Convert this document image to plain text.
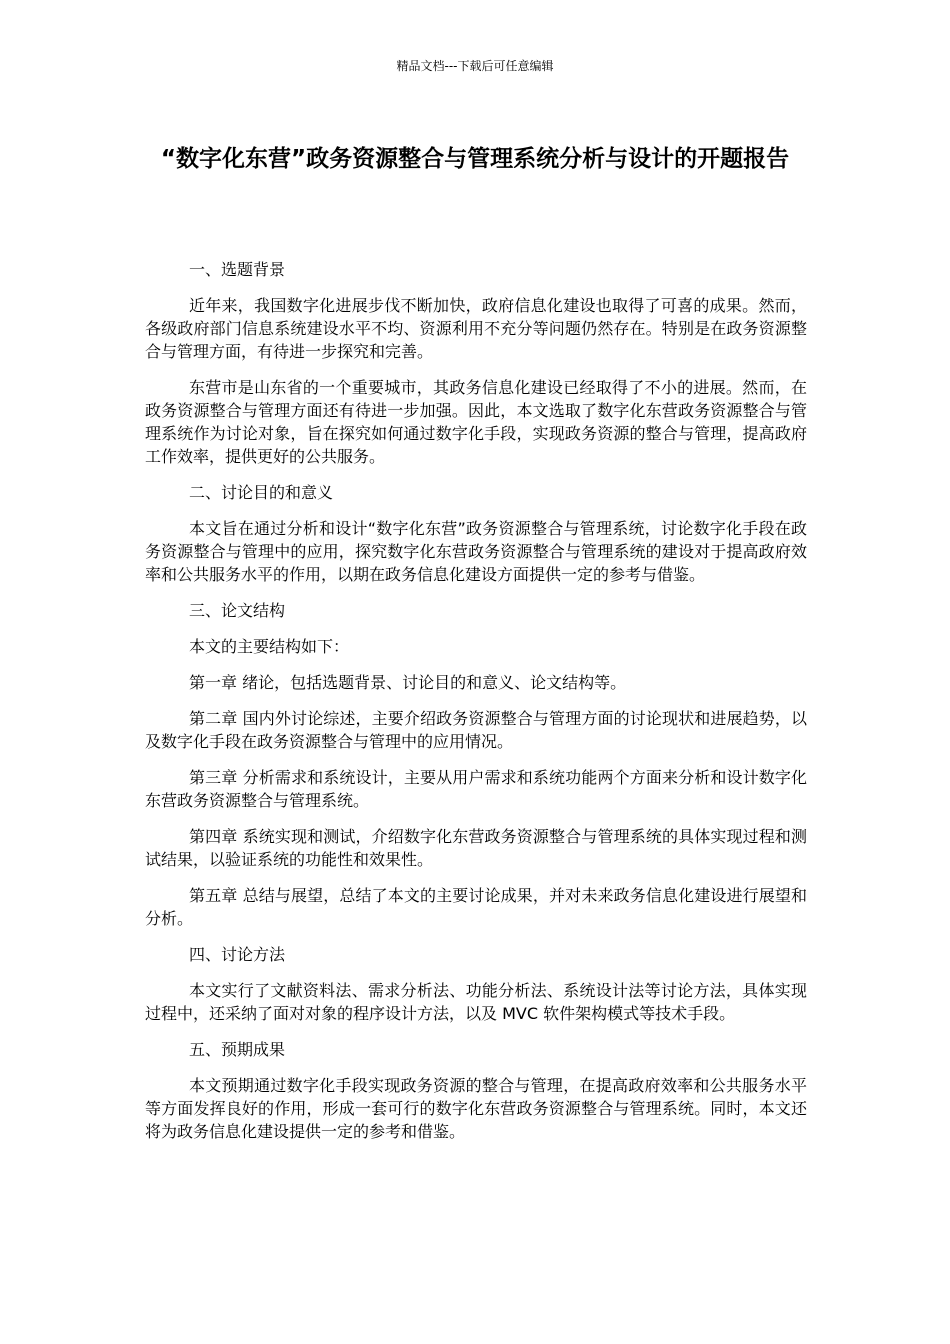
精品文档---下载后可任意编辑
“数字化东营”政务资源整合与管理系统分析与设计的开题报告

一、选题背景

近年来，我国数字化进展步伐不断加快，政府信息化建设也取得了可喜的成果。然而，各级政府部门信息系统建设水平不均、资源利用不充分等问题仍然存在。特别是在政务资源整合与管理方面，有待进一步探究和完善。

东营市是山东省的一个重要城市，其政务信息化建设已经取得了不小的进展。然而，在政务资源整合与管理方面还有待进一步加强。因此，本文选取了数字化东营政务资源整合与管理系统作为讨论对象，旨在探究如何通过数字化手段，实现政务资源的整合与管理，提高政府工作效率，提供更好的公共服务。

二、讨论目的和意义

本文旨在通过分析和设计“数字化东营”政务资源整合与管理系统，讨论数字化手段在政务资源整合与管理中的应用，探究数字化东营政务资源整合与管理系统的建设对于提高政府效率和公共服务水平的作用，以期在政务信息化建设方面提供一定的参考与借鉴。

三、论文结构

本文的主要结构如下：

第一章 绪论，包括选题背景、讨论目的和意义、论文结构等。

第二章 国内外讨论综述，主要介绍政务资源整合与管理方面的讨论现状和进展趋势，以及数字化手段在政务资源整合与管理中的应用情况。

第三章 分析需求和系统设计，主要从用户需求和系统功能两个方面来分析和设计数字化东营政务资源整合与管理系统。

第四章 系统实现和测试，介绍数字化东营政务资源整合与管理系统的具体实现过程和测试结果，以验证系统的功能性和效果性。

第五章 总结与展望，总结了本文的主要讨论成果，并对未来政务信息化建设进行展望和分析。

四、讨论方法

本文实行了文献资料法、需求分析法、功能分析法、系统设计法等讨论方法，具体实现过程中，还采纳了面对对象的程序设计方法，以及 MVC 软件架构模式等技术手段。

五、预期成果

本文预期通过数字化手段实现政务资源的整合与管理，在提高政府效率和公共服务水平等方面发挥良好的作用，形成一套可行的数字化东营政务资源整合与管理系统。同时，本文还将为政务信息化建设提供一定的参考和借鉴。
